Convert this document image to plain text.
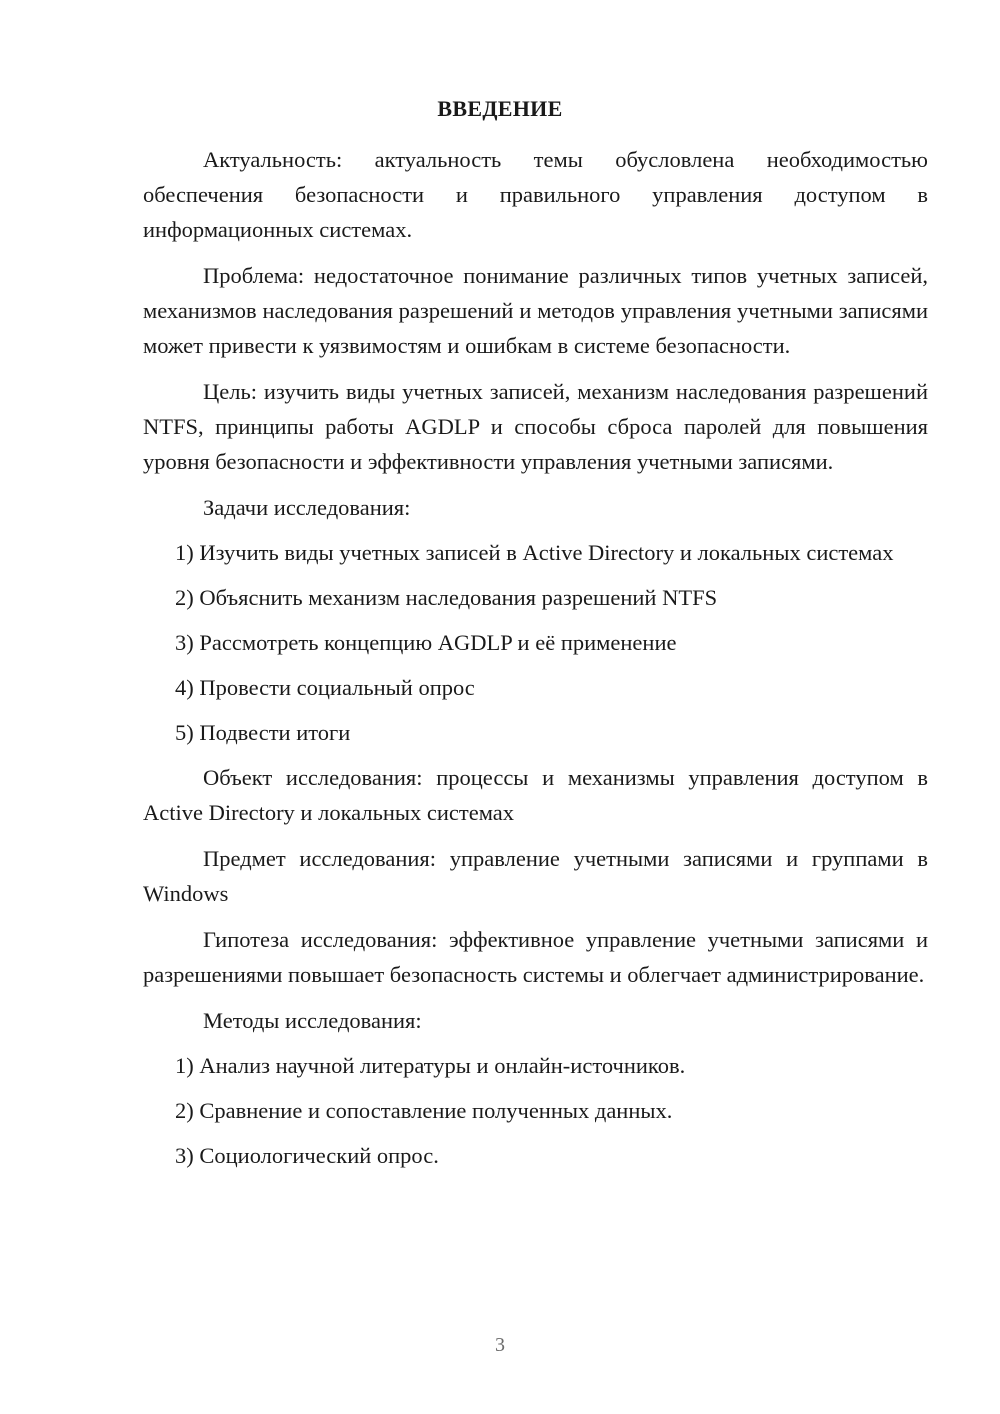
ВВЕДЕНИЕ

Актуальность: актуальность темы обусловлена необходимостью обеспечения безопасности и правильного управления доступом в информационных системах.

Проблема: недостаточное понимание различных типов учетных записей, механизмов наследования разрешений и методов управления учетными записями может привести к уязвимостям и ошибкам в системе безопасности.

Цель: изучить виды учетных записей, механизм наследования разрешений NTFS, принципы работы AGDLP и способы сброса паролей для повышения уровня безопасности и эффективности управления учетными записями.

Задачи исследования:

1) Изучить виды учетных записей в Active Directory и локальных системах

2) Объяснить механизм наследования разрешений NTFS

3) Рассмотреть концепцию AGDLP и её применение

4) Провести социальный опрос

5) Подвести итоги

Объект исследования: процессы и механизмы управления доступом в Active Directory и локальных системах

Предмет исследования: управление учетными записями и группами в Windows

Гипотеза исследования: эффективное управление учетными записями и разрешениями повышает безопасность системы и облегчает администрирование.

Методы исследования:

1) Анализ научной литературы и онлайн-источников.

2) Сравнение и сопоставление полученных данных.

3) Социологический опрос.

3
